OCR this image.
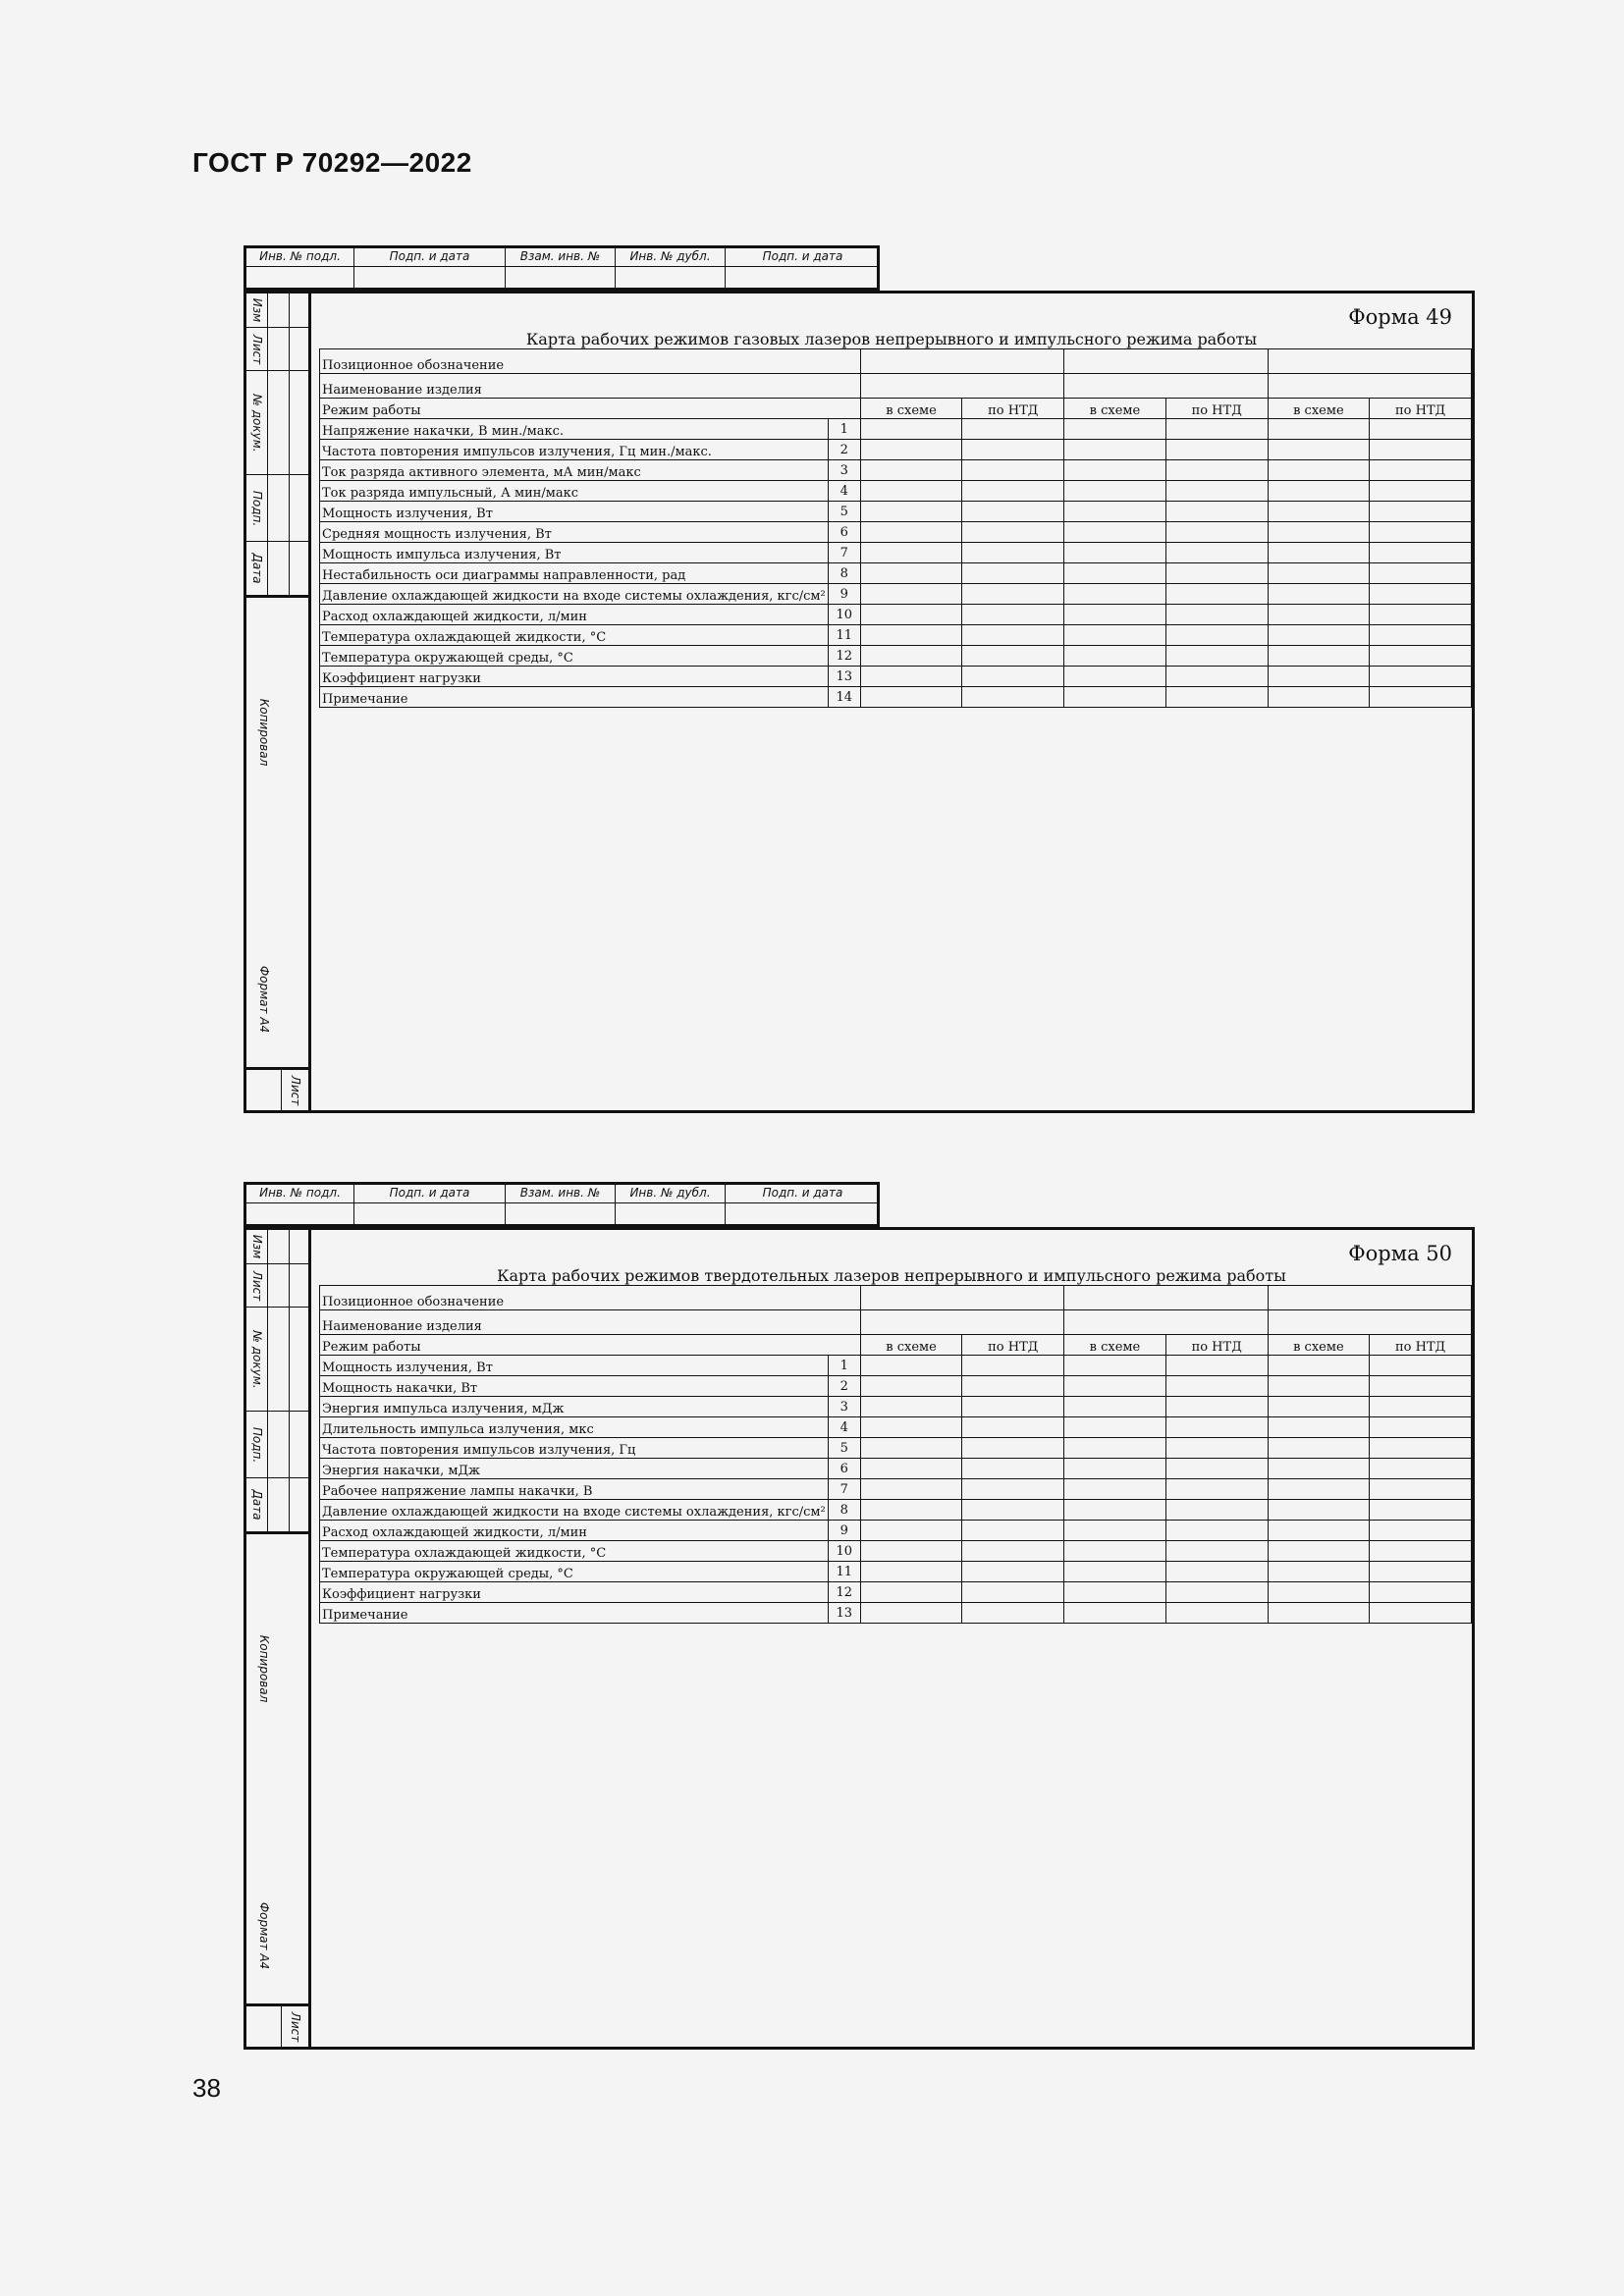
ГОСТ Р 70292—2022
Инв. № подл.	Подп. и дата	Взам. инв. №	Инв. № дубл.	Подп. и дата
Изм
Лист
№ докум.
Подп.
Дата
Копировал
Формат А4
Лист
Форма 49
Карта рабочих режимов газовых лазеров непрерывного и импульсного режима работы
Позиционное обозначение							
Наименование изделия							
Режим работы		в схеме	по НТД	в схеме	по НТД	в схеме	по НТД
Напряжение накачки, В мин./макс.	1						
Частота повторения импульсов излучения, Гц мин./макс.	2						
Ток разряда активного элемента, мА мин/макс	3						
Ток разряда импульсный, А мин/макс	4						
Мощность излучения, Вт	5						
Средняя мощность излучения, Вт	6						
Мощность импульса излучения, Вт	7						
Нестабильность оси диаграммы направленности, рад	8						
Давление охлаждающей жидкости на входе системы охлаждения, кгс/см²	9						
Расход охлаждающей жидкости, л/мин	10						
Температура охлаждающей жидкости, °С	11						
Температура окружающей среды, °С	12						
Коэффициент нагрузки	13						
Примечание	14						
Инв. № подл.	Подп. и дата	Взам. инв. №	Инв. № дубл.	Подп. и дата
Изм
Лист
№ докум.
Подп.
Дата
Копировал
Формат А4
Лист
Форма 50
Карта рабочих режимов твердотельных лазеров непрерывного и импульсного режима работы
Позиционное обозначение							
Наименование изделия							
Режим работы		в схеме	по НТД	в схеме	по НТД	в схеме	по НТД
Мощность излучения, Вт	1						
Мощность накачки, Вт	2						
Энергия импульса излучения, мДж	3						
Длительность импульса излучения, мкс	4						
Частота повторения импульсов излучения, Гц	5						
Энергия накачки, мДж	6						
Рабочее напряжение лампы накачки, В	7						
Давление охлаждающей жидкости на входе системы охлаждения, кгс/см²	8						
Расход охлаждающей жидкости, л/мин	9						
Температура охлаждающей жидкости, °С	10						
Температура окружающей среды, °С	11						
Коэффициент нагрузки	12						
Примечание	13						
38
